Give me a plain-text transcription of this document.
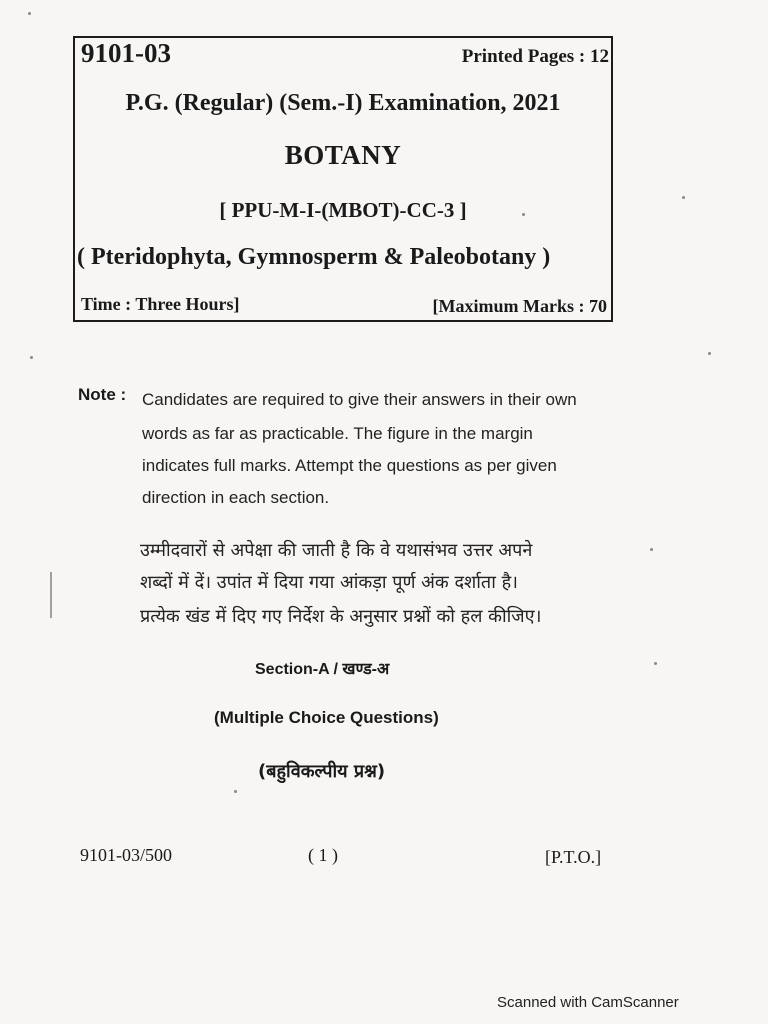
9101-03	Printed Pages : 12
P.G. (Regular) (Sem.-I) Examination, 2021
BOTANY
[ PPU-M-I-(MBOT)-CC-3 ]
( Pteridophyta, Gymnosperm & Paleobotany )
Time : Three Hours]	[Maximum Marks : 70
Note : Candidates are required to give their answers in their own
words as far as practicable. The figure in the margin
indicates full marks. Attempt the questions as per given
direction in each section.
उम्मीदवारों से अपेक्षा की जाती है कि वे यथासंभव उत्तर अपने
शब्दों में दें। उपांत में दिया गया आंकड़ा पूर्ण अंक दर्शाता है।
प्रत्येक खंड में दिए गए निर्देश के अनुसार प्रश्नों को हल कीजिए।
Section-A / खण्ड-अ
(Multiple Choice Questions)
(बहुविकल्पीय प्रश्न)
9101-03/500	( 1 )	[P.T.O.]
Scanned with CamScanner
